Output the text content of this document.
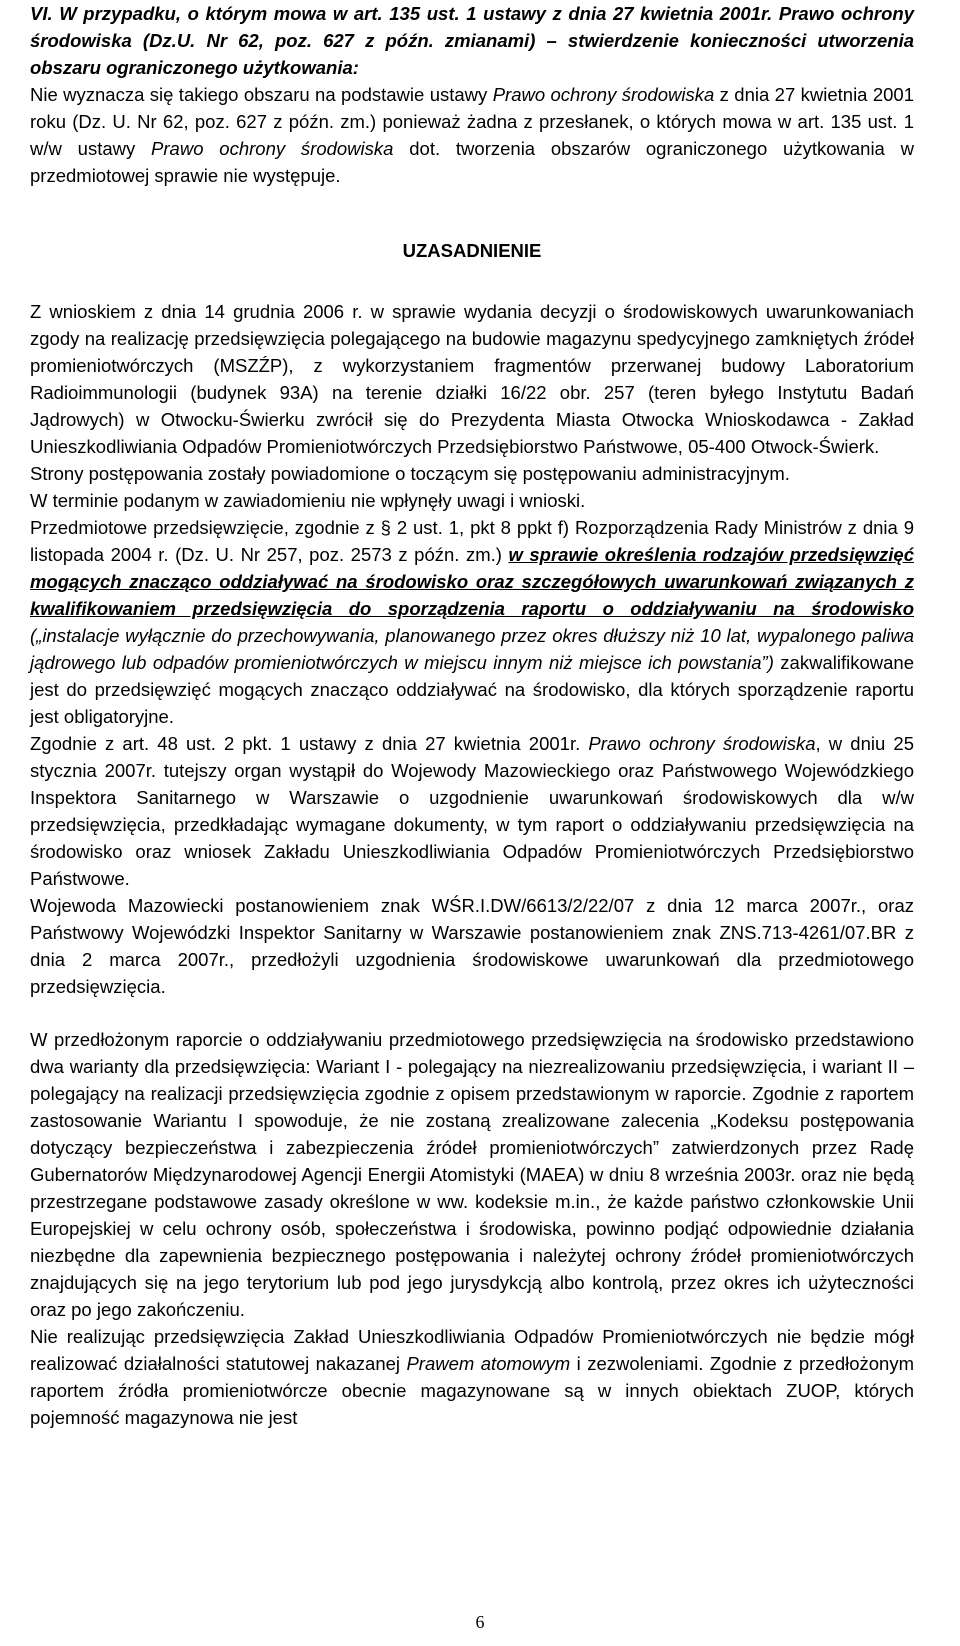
VI. W przypadku, o którym mowa w art. 135 ust. 1 ustawy z dnia 27 kwietnia 2001r. Prawo ochrony środowiska (Dz.U. Nr 62, poz. 627 z późn. zmianami) – stwierdzenie konieczności utworzenia obszaru ograniczonego użytkowania:

Nie wyznacza się takiego obszaru na podstawie ustawy Prawo ochrony środowiska z dnia 27 kwietnia 2001 roku (Dz. U. Nr 62, poz. 627 z późn. zm.) ponieważ żadna z przesłanek, o których mowa w art. 135 ust. 1 w/w ustawy Prawo ochrony środowiska dot. tworzenia obszarów ograniczonego użytkowania w przedmiotowej sprawie nie występuje.

UZASADNIENIE

Z wnioskiem z dnia 14 grudnia 2006 r. w sprawie wydania decyzji o środowiskowych uwarunkowaniach zgody na realizację przedsięwzięcia polegającego na budowie magazynu spedycyjnego zamkniętych źródeł promieniotwórczych (MSZŹP), z wykorzystaniem fragmentów przerwanej budowy Laboratorium Radioimmunologii (budynek 93A) na terenie działki 16/22 obr. 257 (teren byłego Instytutu Badań Jądrowych) w Otwocku-Świerku zwrócił się do Prezydenta Miasta Otwocka Wnioskodawca - Zakład Unieszkodliwiania Odpadów Promieniotwórczych Przedsiębiorstwo Państwowe, 05-400 Otwock-Świerk.

Strony postępowania zostały powiadomione o toczącym się postępowaniu administracyjnym.

W terminie podanym w zawiadomieniu nie wpłynęły uwagi i wnioski.

Przedmiotowe przedsięwzięcie, zgodnie z § 2 ust. 1, pkt 8 ppkt f) Rozporządzenia Rady Ministrów z dnia 9 listopada 2004 r. (Dz. U. Nr 257, poz. 2573 z późn. zm.) w sprawie określenia rodzajów przedsięwzięć mogących znacząco oddziaływać na środowisko oraz szczegółowych uwarunkowań związanych z kwalifikowaniem przedsięwzięcia do sporządzenia raportu o oddziaływaniu na środowisko („instalacje wyłącznie do przechowywania, planowanego przez okres dłuższy niż 10 lat, wypalonego paliwa jądrowego lub odpadów promieniotwórczych w miejscu innym niż miejsce ich powstania”) zakwalifikowane jest do przedsięwzięć mogących znacząco oddziaływać na środowisko, dla których sporządzenie raportu jest obligatoryjne.

Zgodnie z art. 48 ust. 2 pkt. 1 ustawy z dnia 27 kwietnia 2001r. Prawo ochrony środowiska, w dniu 25 stycznia 2007r. tutejszy organ wystąpił do Wojewody Mazowieckiego oraz Państwowego Wojewódzkiego Inspektora Sanitarnego w Warszawie o uzgodnienie uwarunkowań środowiskowych dla w/w przedsięwzięcia, przedkładając wymagane dokumenty, w tym raport o oddziaływaniu przedsięwzięcia na środowisko oraz wniosek Zakładu Unieszkodliwiania Odpadów Promieniotwórczych Przedsiębiorstwo Państwowe.

Wojewoda Mazowiecki postanowieniem znak WŚR.I.DW/6613/2/22/07 z dnia 12 marca 2007r., oraz Państwowy Wojewódzki Inspektor Sanitarny w Warszawie postanowieniem znak ZNS.713-4261/07.BR z dnia 2 marca 2007r., przedłożyli uzgodnienia środowiskowe uwarunkowań dla przedmiotowego przedsięwzięcia.

W przedłożonym raporcie o oddziaływaniu przedmiotowego przedsięwzięcia na środowisko przedstawiono dwa warianty dla przedsięwzięcia: Wariant I - polegający na niezrealizowaniu przedsięwzięcia, i wariant II – polegający na realizacji przedsięwzięcia zgodnie z opisem przedstawionym w raporcie. Zgodnie z raportem zastosowanie Wariantu I spowoduje, że nie zostaną zrealizowane zalecenia „Kodeksu postępowania dotyczący bezpieczeństwa i zabezpieczenia źródeł promieniotwórczych” zatwierdzonych przez Radę Gubernatorów Międzynarodowej Agencji Energii Atomistyki (MAEA) w dniu 8 września 2003r. oraz nie będą przestrzegane podstawowe zasady określone w ww. kodeksie m.in., że każde państwo członkowskie Unii Europejskiej w celu ochrony osób, społeczeństwa i środowiska, powinno podjąć odpowiednie działania niezbędne dla zapewnienia bezpiecznego postępowania i należytej ochrony źródeł promieniotwórczych znajdujących się na jego terytorium lub pod jego jurysdykcją albo kontrolą, przez okres ich użyteczności oraz po jego zakończeniu.

Nie realizując przedsięwzięcia Zakład Unieszkodliwiania Odpadów Promieniotwórczych nie będzie mógł realizować działalności statutowej nakazanej Prawem atomowym i zezwoleniami. Zgodnie z przedłożonym raportem źródła promieniotwórcze obecnie magazynowane są w innych obiektach ZUOP, których pojemność magazynowa nie jest

6
